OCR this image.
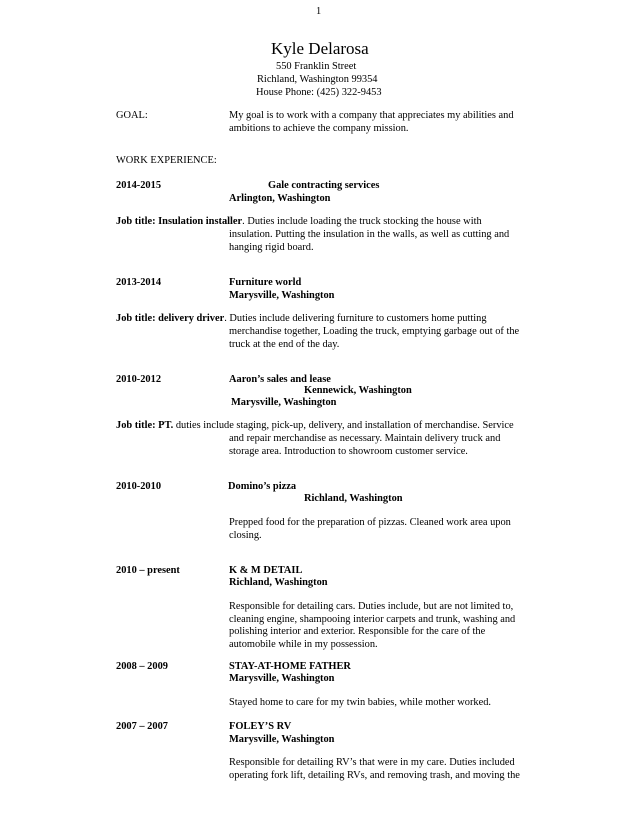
1
Kyle Delarosa
550 Franklin Street
Richland, Washington 99354
House Phone: (425) 322-9453
GOAL:	My goal is to work with a company that appreciates my abilities and
ambitions to achieve the company mission.
WORK EXPERIENCE:
2014-2015	Gale contracting services
Arlington, Washington
Job title: Insulation installer. Duties include loading the truck stocking the house with
insulation. Putting the insulation in the walls, as well as cutting and
hanging rigid board.
2013-2014	Furniture world
Marysville, Washington
Job title: delivery driver. Duties include delivering furniture to customers home putting
merchandise together, Loading the truck, emptying garbage out of the
truck at the end of the day.
2010-2012	Aaron’s sales and lease
Kennewick, Washington
Marysville, Washington
Job title: PT. duties include staging, pick-up, delivery, and installation of merchandise. Service
and repair merchandise as necessary. Maintain delivery truck and
storage area. Introduction to showroom customer service.
2010-2010	Domino’s pizza
Richland, Washington
Prepped food for the preparation of pizzas. Cleaned work area upon
closing.
2010 – present	K & M DETAIL
Richland, Washington
Responsible for detailing cars. Duties include, but are not limited to,
cleaning engine, shampooing interior carpets and trunk, washing and
polishing interior and exterior. Responsible for the care of the
automobile while in my possession.
2008 – 2009	STAY-AT-HOME FATHER
Marysville, Washington
Stayed home to care for my twin babies, while mother worked.
2007 – 2007	FOLEY’S RV
Marysville, Washington
Responsible for detailing RV’s that were in my care. Duties included
operating fork lift, detailing RVs, and removing trash, and moving the
